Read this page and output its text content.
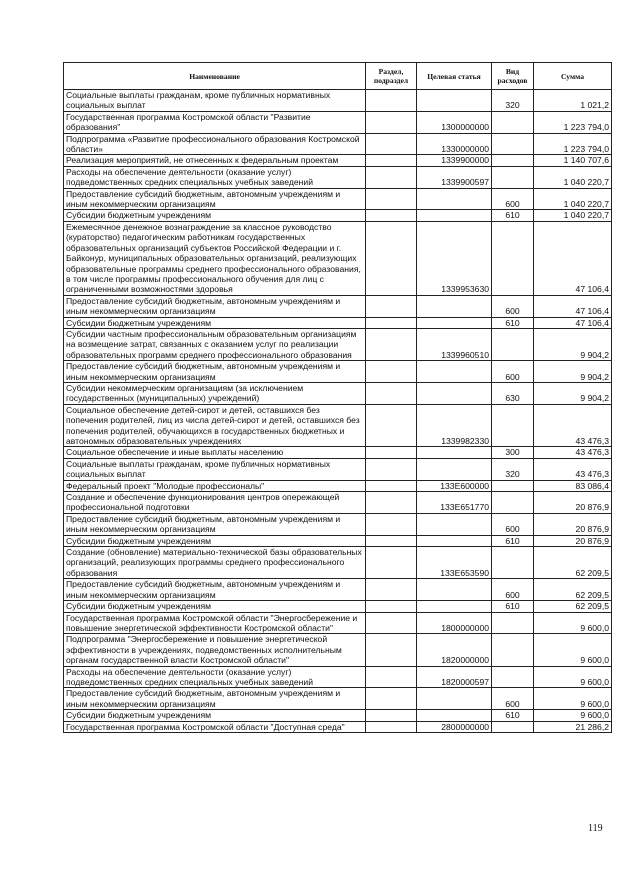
Наименование	Раздел, подраздел	Целевая статья	Вид расходов	Сумма
Социальные выплаты гражданам, кроме публичных нормативных социальных выплат			320	1 021,2
Государственная программа Костромской области "Развитие образования"		1300000000		1 223 794,0
Подпрограмма «Развитие профессионального образования Костромской области»		1330000000		1 223 794,0
Реализация мероприятий, не отнесенных к федеральным проектам		1339900000		1 140 707,6
Расходы на обеспечение деятельности (оказание услуг) подведомственных средних специальных учебных заведений		1339900597		1 040 220,7
Предоставление субсидий бюджетным, автономным учреждениям и иным некоммерческим организациям			600	1 040 220,7
Субсидии бюджетным учреждениям			610	1 040 220,7
Ежемесячное денежное вознаграждение за классное руководство (кураторство) педагогическим работникам государственных образовательных организаций субъектов Российской Федерации и г. Байконур, муниципальных образовательных организаций, реализующих образовательные программы среднего профессионального образования, в том числе программы профессионального обучения для лиц с ограниченными возможностями здоровья		1339953630		47 106,4
Предоставление субсидий бюджетным, автономным учреждениям и иным некоммерческим организациям			600	47 106,4
Субсидии бюджетным учреждениям			610	47 106,4
Субсидии частным профессиональным образовательным организациям на возмещение затрат, связанных с оказанием услуг по реализации образовательных программ среднего профессионального образования		1339960510		9 904,2
Предоставление субсидий бюджетным, автономным учреждениям и иным некоммерческим организациям			600	9 904,2
Субсидии некоммерческим организациям (за исключением государственных (муниципальных) учреждений)			630	9 904,2
Социальное обеспечение детей-сирот и детей, оставшихся без попечения родителей, лиц из числа детей-сирот и детей, оставшихся без попечения родителей, обучающихся в государственных бюджетных и автономных образовательных учреждениях		1339982330		43 476,3
Социальное обеспечение и иные выплаты населению			300	43 476,3
Социальные выплаты гражданам, кроме публичных нормативных социальных выплат			320	43 476,3
Федеральный проект "Молодые профессионалы"		133E600000		83 086,4
Создание и обеспечение функционирования центров опережающей профессиональной подготовки		133E651770		20 876,9
Предоставление субсидий бюджетным, автономным учреждениям и иным некоммерческим организациям			600	20 876,9
Субсидии бюджетным учреждениям			610	20 876,9
Создание (обновление) материально-технической базы образовательных организаций, реализующих программы среднего профессионального образования		133E653590		62 209,5
Предоставление субсидий бюджетным, автономным учреждениям и иным некоммерческим организациям			600	62 209,5
Субсидии бюджетным учреждениям			610	62 209,5
Государственная программа Костромской области "Энергосбережение и повышение энергетической эффективности Костромской области"		1800000000		9 600,0
Подпрограмма "Энергосбережение и повышение энергетической эффективности в учреждениях, подведомственных исполнительным органам государственной власти Костромской области"		1820000000		9 600,0
Расходы на обеспечение деятельности (оказание услуг) подведомственных средних специальных учебных заведений		1820000597		9 600,0
Предоставление субсидий бюджетным, автономным учреждениям и иным некоммерческим организациям			600	9 600,0
Субсидии бюджетным учреждениям			610	9 600,0
Государственная программа Костромской области "Доступная среда"		2800000000		21 286,2
119
